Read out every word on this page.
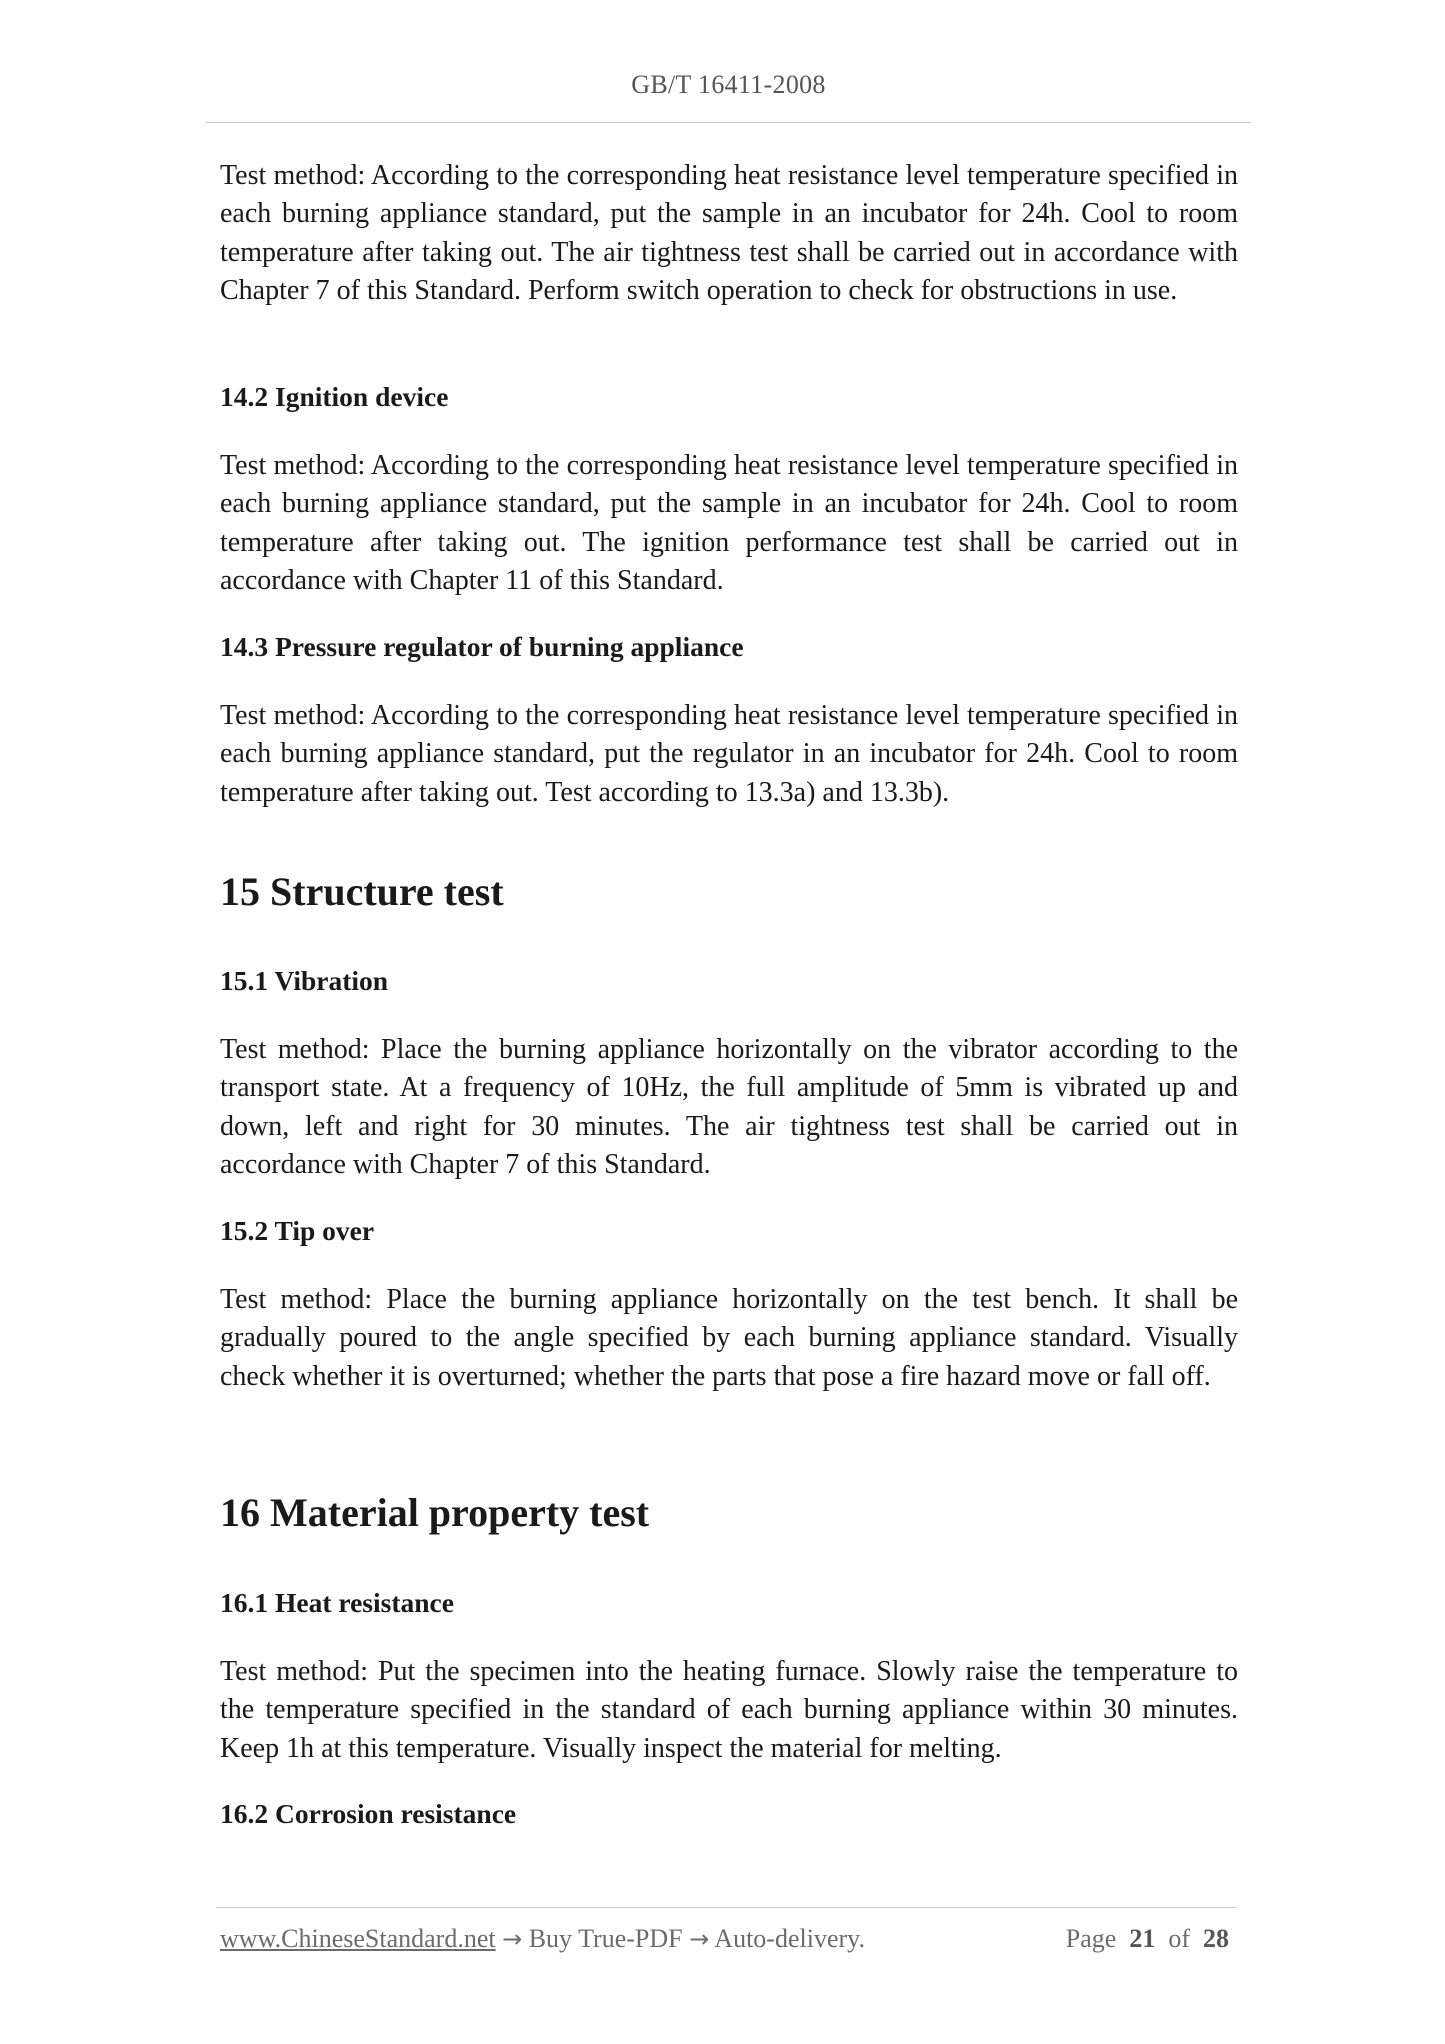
GB/T 16411-2008

Test method: According to the corresponding heat resistance level temperature specified in each burning appliance standard, put the sample in an incubator for 24h. Cool to room temperature after taking out. The air tightness test shall be carried out in accordance with Chapter 7 of this Standard. Perform switch operation to check for obstructions in use.

14.2 Ignition device

Test method: According to the corresponding heat resistance level temperature specified in each burning appliance standard, put the sample in an incubator for 24h. Cool to room temperature after taking out. The ignition performance test shall be carried out in accordance with Chapter 11 of this Standard.

14.3 Pressure regulator of burning appliance

Test method: According to the corresponding heat resistance level temperature specified in each burning appliance standard, put the regulator in an incubator for 24h. Cool to room temperature after taking out. Test according to 13.3a) and 13.3b).

15 Structure test
15.1 Vibration

Test method: Place the burning appliance horizontally on the vibrator according to the transport state. At a frequency of 10Hz, the full amplitude of 5mm is vibrated up and down, left and right for 30 minutes. The air tightness test shall be carried out in accordance with Chapter 7 of this Standard.

15.2 Tip over

Test method: Place the burning appliance horizontally on the test bench. It shall be gradually poured to the angle specified by each burning appliance standard. Visually check whether it is overturned; whether the parts that pose a fire hazard move or fall off.

16 Material property test
16.1 Heat resistance

Test method: Put the specimen into the heating furnace. Slowly raise the temperature to the temperature specified in the standard of each burning appliance within 30 minutes. Keep 1h at this temperature. Visually inspect the material for melting.

16.2 Corrosion resistance
www.ChineseStandard.net → Buy True-PDF → Auto-delivery.	Page 21 of 28
